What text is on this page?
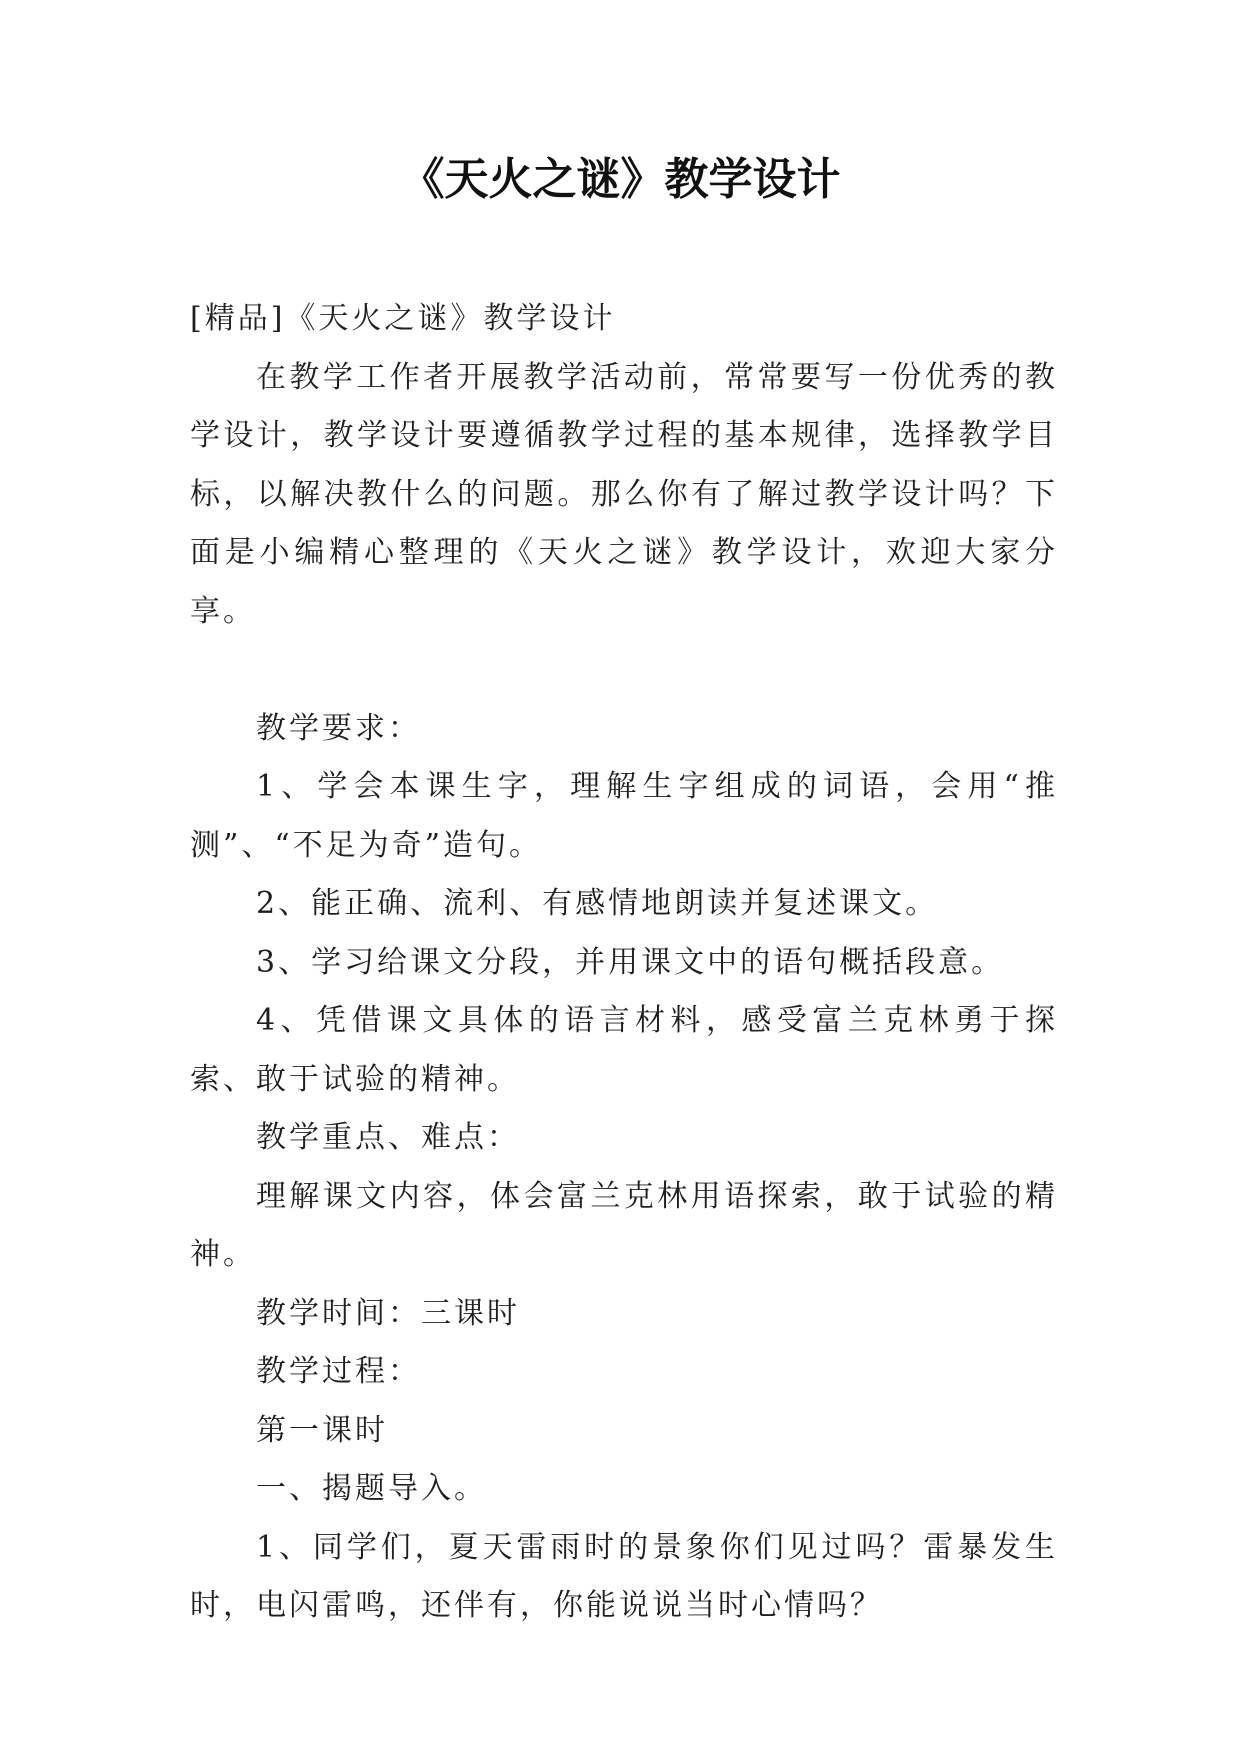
《天火之谜》教学设计

[精品]《天火之谜》教学设计

在教学工作者开展教学活动前，常常要写一份优秀的教学设计，教学设计要遵循教学过程的基本规律，选择教学目标，以解决教什么的问题。那么你有了解过教学设计吗？下面是小编精心整理的《天火之谜》教学设计，欢迎大家分享。

教学要求：

1、学会本课生字，理解生字组成的词语，会用“推测”、“不足为奇”造句。

2、能正确、流利、有感情地朗读并复述课文。

3、学习给课文分段，并用课文中的语句概括段意。

4、凭借课文具体的语言材料，感受富兰克林勇于探索、敢于试验的精神。

教学重点、难点：

理解课文内容，体会富兰克林用语探索，敢于试验的精神。

教学时间：三课时

教学过程：

第一课时

一、揭题导入。

1、同学们，夏天雷雨时的景象你们见过吗？雷暴发生时，电闪雷鸣，还伴有，你能说说当时心情吗？
